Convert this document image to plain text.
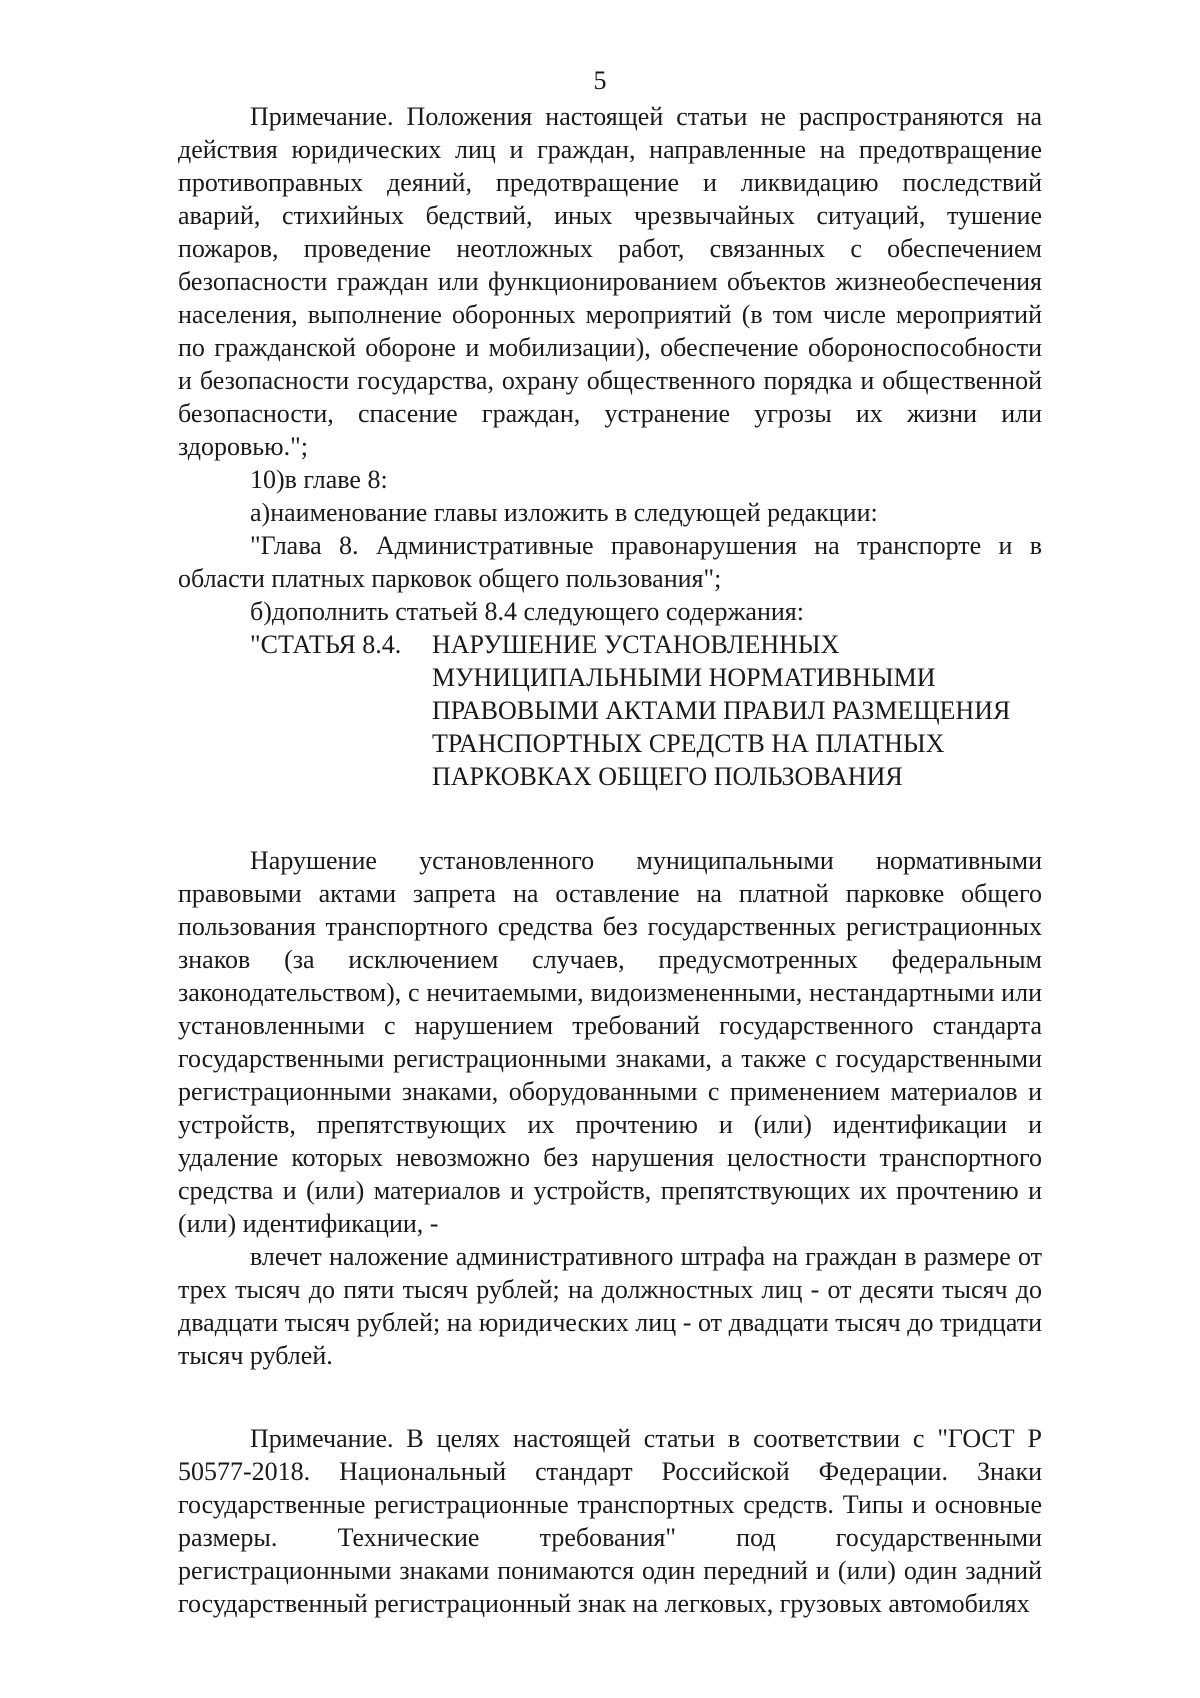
5

Примечание. Положения настоящей статьи не распространяются на действия юридических лиц и граждан, направленные на предотвращение противоправных деяний, предотвращение и ликвидацию последствий аварий, стихийных бедствий, иных чрезвычайных ситуаций, тушение пожаров, проведение неотложных работ, связанных с обеспечением безопасности граждан или функционированием объектов жизнеобеспечения населения, выполнение оборонных мероприятий (в том числе мероприятий по гражданской обороне и мобилизации), обеспечение обороноспособности и безопасности государства, охрану общественного порядка и общественной безопасности, спасение граждан, устранение угрозы их жизни или здоровью.";

10)в главе 8:

а)наименование главы изложить в следующей редакции:

"Глава 8. Административные правонарушения на транспорте и в области платных парковок общего пользования";

б)дополнить статьей 8.4 следующего содержания:

"СТАТЬЯ 8.4. НАРУШЕНИЕ УСТАНОВЛЕННЫХ
МУНИЦИПАЛЬНЫМИ НОРМАТИВНЫМИ
ПРАВОВЫМИ АКТАМИ ПРАВИЛ РАЗМЕЩЕНИЯ
ТРАНСПОРТНЫХ СРЕДСТВ НА ПЛАТНЫХ
ПАРКОВКАХ ОБЩЕГО ПОЛЬЗОВАНИЯ

Нарушение установленного муниципальными нормативными правовыми актами запрета на оставление на платной парковке общего пользования транспортного средства без государственных регистрационных знаков (за исключением случаев, предусмотренных федеральным законодательством), с нечитаемыми, видоизмененными, нестандартными или установленными с нарушением требований государственного стандарта государственными регистрационными знаками, а также с государственными регистрационными знаками, оборудованными с применением материалов и устройств, препятствующих их прочтению и (или) идентификации и удаление которых невозможно без нарушения целостности транспортного средства и (или) материалов и устройств, препятствующих их прочтению и (или) идентификации, -

влечет наложение административного штрафа на граждан в размере от трех тысяч до пяти тысяч рублей; на должностных лиц - от десяти тысяч до двадцати тысяч рублей; на юридических лиц - от двадцати тысяч до тридцати тысяч рублей.

Примечание. В целях настоящей статьи в соответствии с "ГОСТ Р 50577-2018. Национальный стандарт Российской Федерации. Знаки государственные регистрационные транспортных средств. Типы и основные размеры. Технические требования" под государственными регистрационными знаками понимаются один передний и (или) один задний государственный регистрационный знак на легковых, грузовых автомобилях
